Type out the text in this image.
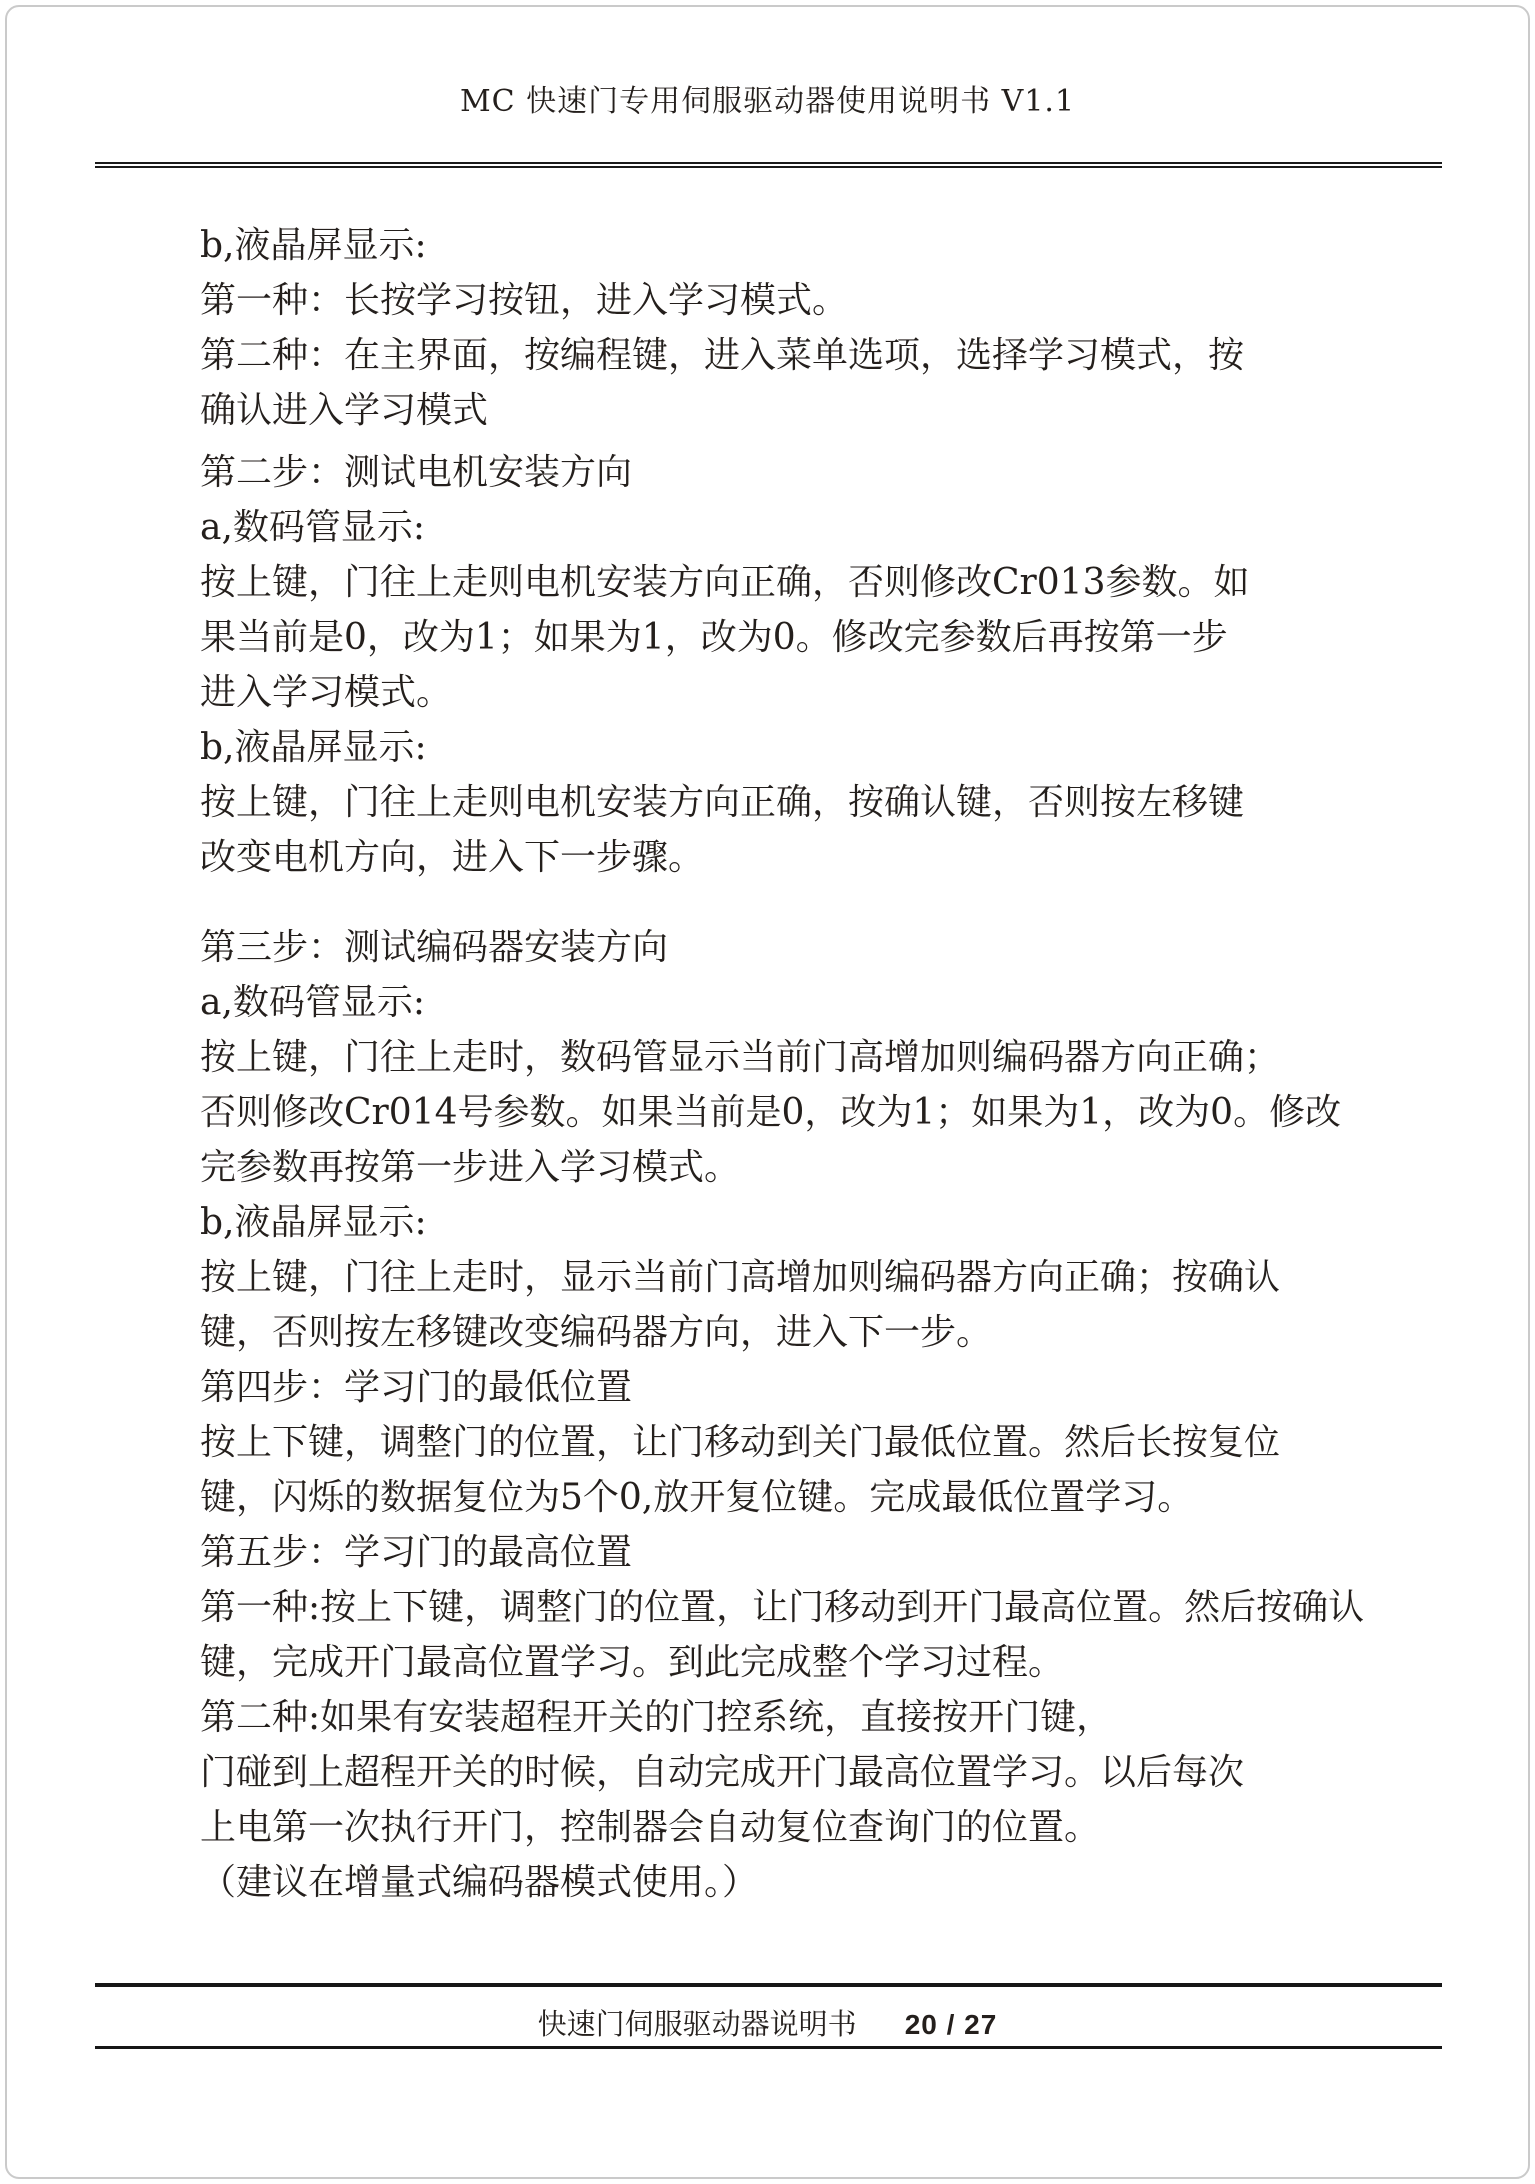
MC 快速门专用伺服驱动器使用说明书 V1.1

b,液晶屏显示:

第一种：长按学习按钮，进入学习模式。

第二种：在主界面，按编程键，进入菜单选项，选择学习模式，按

确认进入学习模式

第二步：测试电机安装方向

a,数码管显示:

按上键，门往上走则电机安装方向正确，否则修改Cr013参数。如

果当前是0，改为1；如果为1，改为0。修改完参数后再按第一步

进入学习模式。

b,液晶屏显示:

按上键，门往上走则电机安装方向正确，按确认键，否则按左移键

改变电机方向，进入下一步骤。

第三步：测试编码器安装方向

a,数码管显示:

按上键，门往上走时，数码管显示当前门高增加则编码器方向正确；

否则修改Cr014号参数。如果当前是0，改为1；如果为1，改为0。修改

完参数再按第一步进入学习模式。

b,液晶屏显示:

按上键，门往上走时，显示当前门高增加则编码器方向正确；按确认

键，否则按左移键改变编码器方向，进入下一步。

第四步：学习门的最低位置

按上下键，调整门的位置，让门移动到关门最低位置。然后长按复位

键，闪烁的数据复位为5个0,放开复位键。完成最低位置学习。

第五步：学习门的最高位置

第一种:按上下键，调整门的位置，让门移动到开门最高位置。然后按确认

键，完成开门最高位置学习。到此完成整个学习过程。

第二种:如果有安装超程开关的门控系统，直接按开门键，

门碰到上超程开关的时候，自动完成开门最高位置学习。以后每次

上电第一次执行开门，控制器会自动复位查询门的位置。

（建议在增量式编码器模式使用。）

快速门伺服驱动器说明书 20 / 27
